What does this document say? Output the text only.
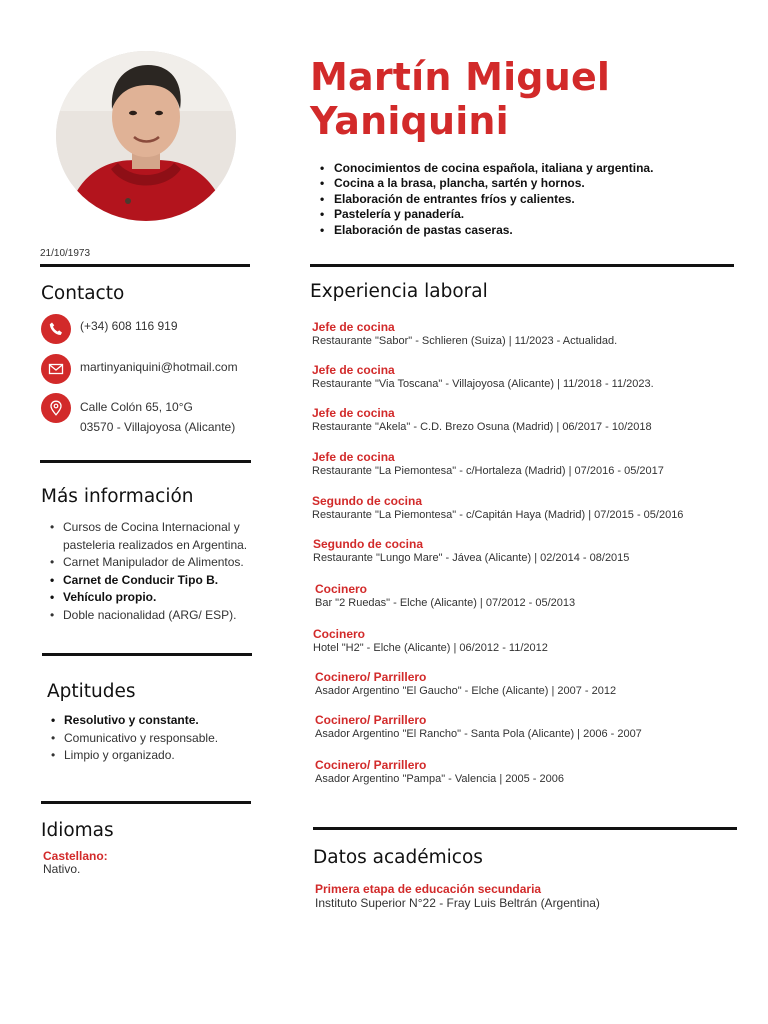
Martín Miguel
Yaniquini
• Conocimientos de cocina española, italiana y argentina.
• Cocina a la brasa, plancha, sartén y hornos.
• Elaboración de entrantes fríos y calientes.
• Pastelería y panadería.
• Elaboración de pastas caseras.
21/10/1973
Contacto
(+34) 608 116 919
martinyaniquini@hotmail.com
Calle Colón 65, 10°G
03570 - Villajoyosa (Alicante)
Más información
• Cursos de Cocina Internacional y pasteleria realizados en Argentina.
• Carnet Manipulador de Alimentos.
• Carnet de Conducir Tipo B.
• Vehículo propio.
• Doble nacionalidad (ARG/ ESP).
Aptitudes
• Resolutivo y constante.
• Comunicativo y responsable.
• Limpio y organizado.
Idiomas
Castellano:
Nativo.
Experiencia laboral
Jefe de cocina
Restaurante "Sabor" - Schlieren (Suiza) | 11/2023 - Actualidad.
Jefe de cocina
Restaurante "Via Toscana" - Villajoyosa (Alicante) | 11/2018 - 11/2023.
Jefe de cocina
Restaurante "Akela" - C.D. Brezo Osuna (Madrid) | 06/2017 - 10/2018
Jefe de cocina
Restaurante "La Piemontesa" - c/Hortaleza (Madrid) | 07/2016 - 05/2017
Segundo de cocina
Restaurante "La Piemontesa" - c/Capitán Haya (Madrid) | 07/2015 - 05/2016
Segundo de cocina
Restaurante "Lungo Mare" - Jávea (Alicante) | 02/2014 - 08/2015
Cocinero
Bar "2 Ruedas" - Elche (Alicante) | 07/2012 - 05/2013
Cocinero
Hotel "H2" - Elche (Alicante) | 06/2012 - 11/2012
Cocinero/ Parrillero
Asador Argentino "El Gaucho" - Elche (Alicante) | 2007 - 2012
Cocinero/ Parrillero
Asador Argentino "El Rancho" - Santa Pola (Alicante) | 2006 - 2007
Cocinero/ Parrillero
Asador Argentino "Pampa" - Valencia | 2005 - 2006
Datos académicos
Primera etapa de educación secundaria
Instituto Superior N°22 - Fray Luis Beltrán (Argentina)
